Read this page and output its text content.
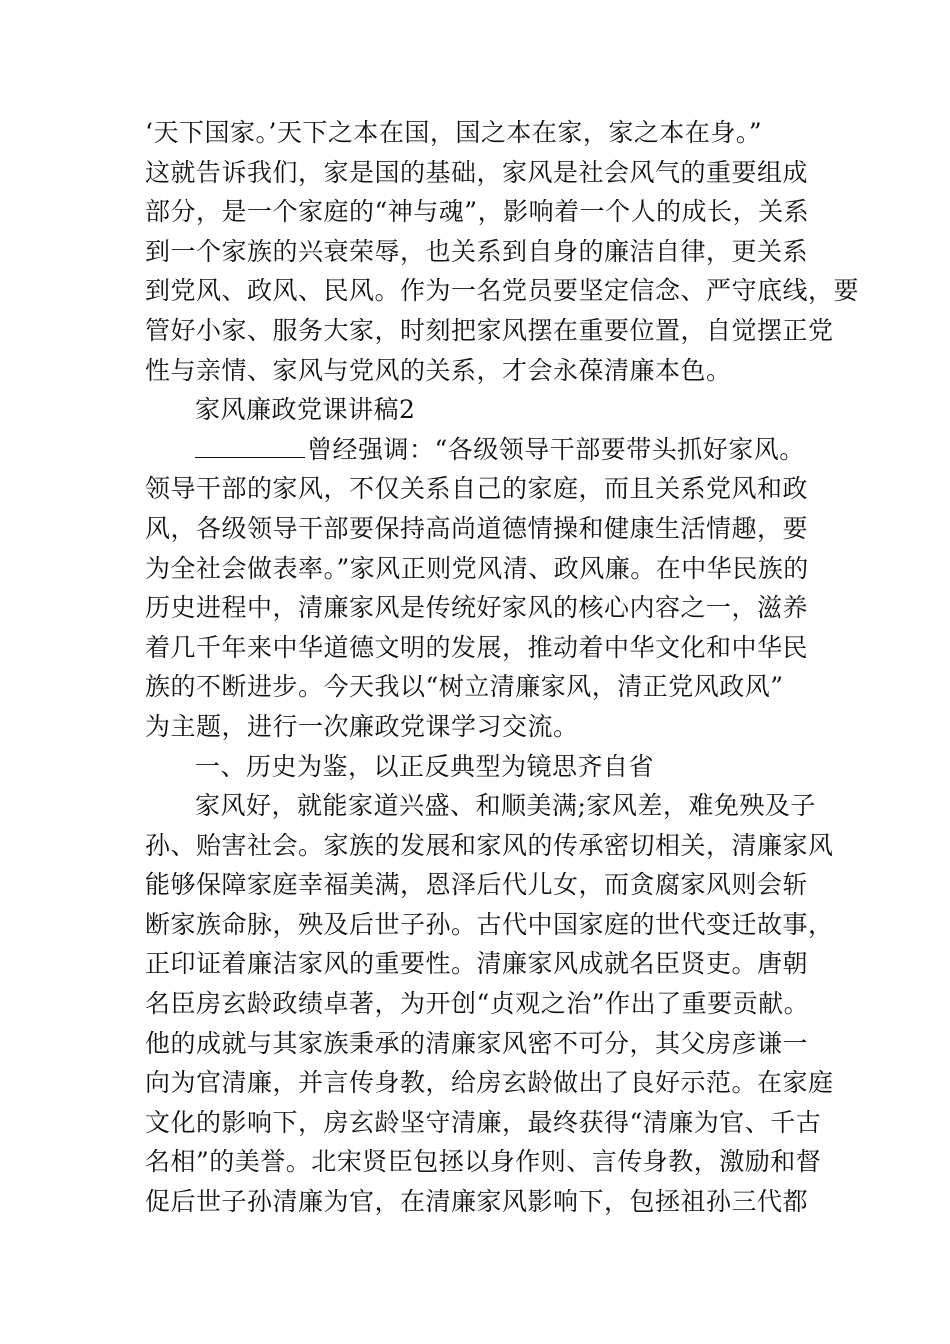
‘天下国家。’天下之本在国，国之本在家，家之本在身。”
这就告诉我们，家是国的基础，家风是社会风气的重要组成
部分，是一个家庭的“神与魂”，影响着一个人的成长，关系
到一个家族的兴衰荣辱，也关系到自身的廉洁自律，更关系
到党风、政风、民风。作为一名党员要坚定信念、严守底线，要
管好小家、服务大家，时刻把家风摆在重要位置，自觉摆正党
性与亲情、家风与党风的关系，才会永葆清廉本色。
家风廉政党课讲稿2
曾经强调：“各级领导干部要带头抓好家风。
领导干部的家风，不仅关系自己的家庭，而且关系党风和政
风，各级领导干部要保持高尚道德情操和健康生活情趣，要
为全社会做表率。”家风正则党风清、政风廉。在中华民族的
历史进程中，清廉家风是传统好家风的核心内容之一，滋养
着几千年来中华道德文明的发展，推动着中华文化和中华民
族的不断进步。今天我以“树立清廉家风，清正党风政风”
为主题，进行一次廉政党课学习交流。
一、历史为鉴，以正反典型为镜思齐自省
家风好，就能家道兴盛、和顺美满;家风差，难免殃及子
孙、贻害社会。家族的发展和家风的传承密切相关，清廉家风
能够保障家庭幸福美满，恩泽后代儿女，而贪腐家风则会斩
断家族命脉，殃及后世子孙。古代中国家庭的世代变迁故事，
正印证着廉洁家风的重要性。清廉家风成就名臣贤吏。唐朝
名臣房玄龄政绩卓著，为开创“贞观之治”作出了重要贡献。
他的成就与其家族秉承的清廉家风密不可分，其父房彦谦一
向为官清廉，并言传身教，给房玄龄做出了良好示范。在家庭
文化的影响下，房玄龄坚守清廉，最终获得“清廉为官、千古
名相”的美誉。北宋贤臣包拯以身作则、言传身教，激励和督
促后世子孙清廉为官，在清廉家风影响下，包拯祖孙三代都
